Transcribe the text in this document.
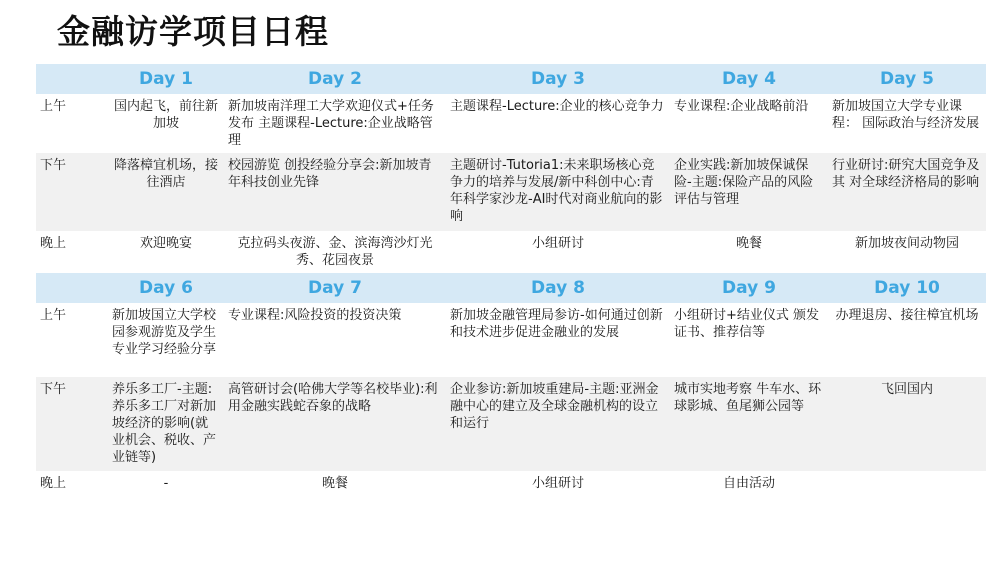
金融访学项目日程
	Day 1	Day 2	Day 3	Day 4	Day 5
上午	国内起飞，前往新加坡	新加坡南洋理工大学欢迎仪式+任务发布 主题课程-Lecture:企业战略管理	主题课程-Lecture:企业的核心竞争力	专业课程:企业战略前沿	新加坡国立大学专业课程： 国际政治与经济发展
下午	降落樟宜机场，接往酒店	校园游览 创投经验分享会:新加坡青年科技创业先锋	主题研讨-Tutoria1:未来职场核心竞争力的培养与发展/新中科创中心:青年科学家沙龙-AI时代对商业航向的影响	企业实践:新加坡保诚保险-主题:保险产品的风险评估与管理	行业研讨:研究大国竞争及其 对全球经济格局的影响
晚上	欢迎晚宴	克拉码头夜游、金、滨海湾沙灯光秀、花园夜景	小组研讨	晚餐	新加坡夜间动物园
	Day 6	Day 7	Day 8	Day 9	Day 10
上午	新加坡国立大学校园参观游览及学生专业学习经验分享	专业课程:风险投资的投资决策	新加坡金融管理局参访-如何通过创新和技术进步促进金融业的发展	小组研讨+结业仪式 颁发证书、推荐信等	办理退房、接往樟宜机场
下午	养乐多工厂-主题:养乐多工厂对新加坡经济的影响(就业机会、税收、产业链等)	高管研讨会(哈佛大学等名校毕业):利用金融实践蛇吞象的战略	企业参访:新加坡重建局-主题:亚洲金融中心的建立及全球金融机构的设立和运行	城市实地考察 牛车水、环球影城、鱼尾狮公园等	飞回国内
晚上	-	晚餐	小组研讨	自由活动	
